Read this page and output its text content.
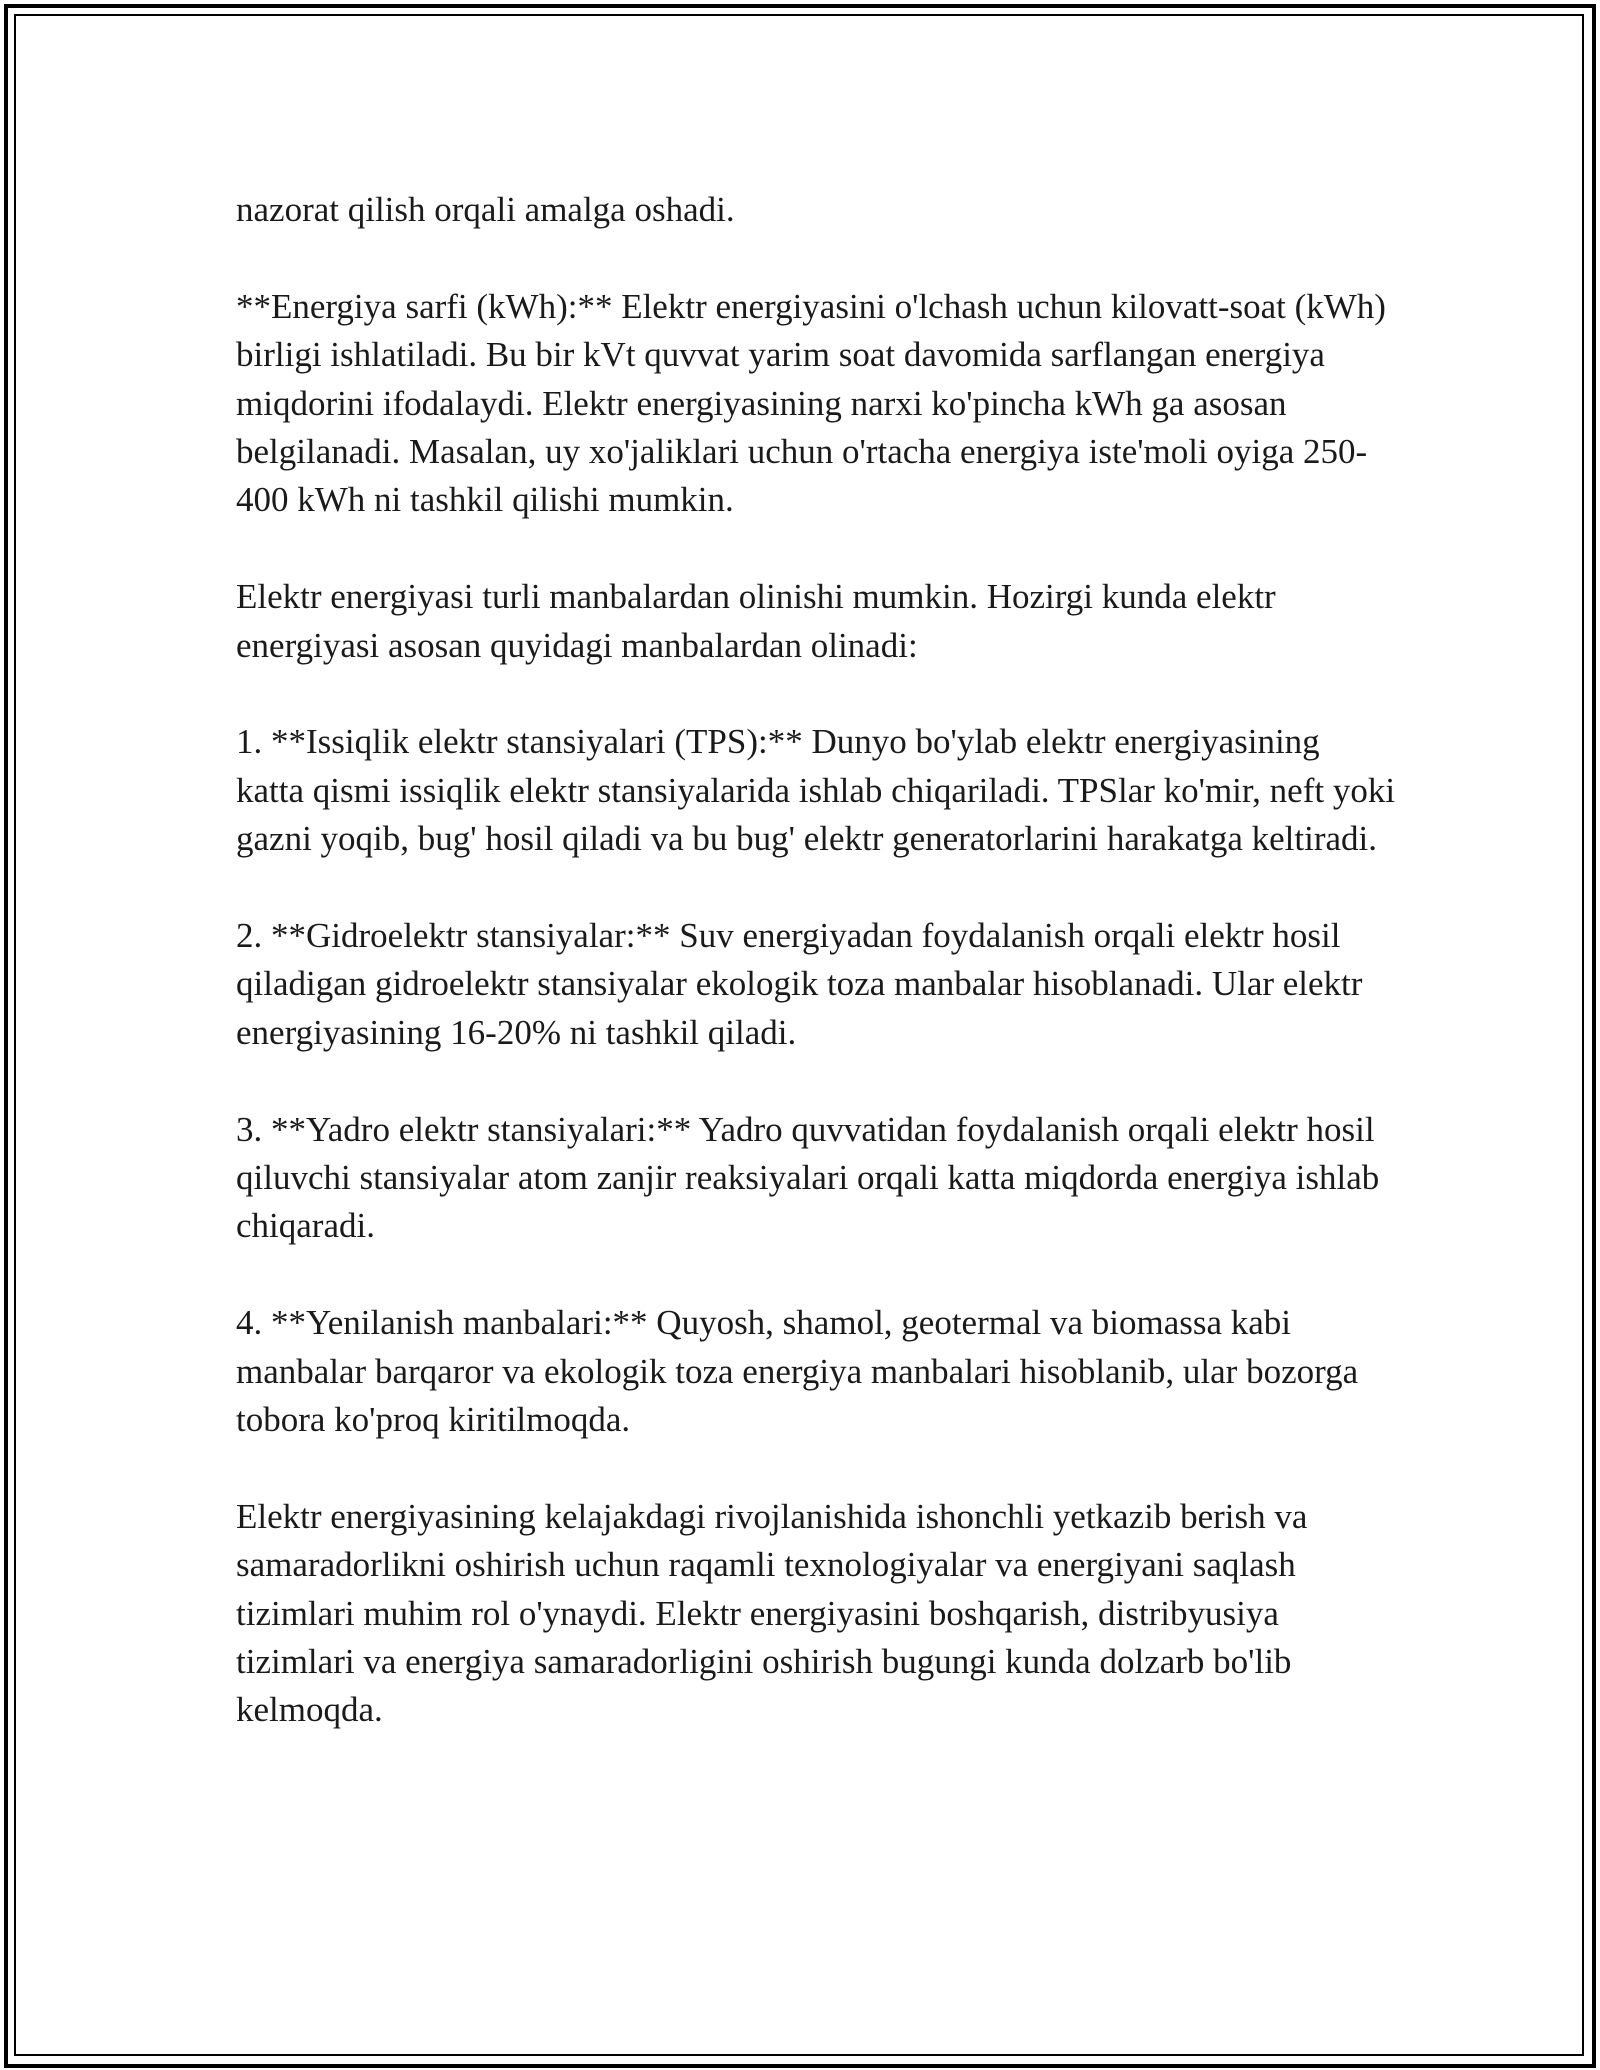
nazorat qilish orqali amalga oshadi.

**Energiya sarfi (kWh):** Elektr energiyasini o'lchash uchun kilovatt-soat (kWh) birligi ishlatiladi. Bu bir kVt quvvat yarim soat davomida sarflangan energiya miqdorini ifodalaydi. Elektr energiyasining narxi ko'pincha kWh ga asosan belgilanadi. Masalan, uy xo'jaliklari uchun o'rtacha energiya iste'moli oyiga 250-400 kWh ni tashkil qilishi mumkin.

Elektr energiyasi turli manbalardan olinishi mumkin. Hozirgi kunda elektr energiyasi asosan quyidagi manbalardan olinadi:

1. **Issiqlik elektr stansiyalari (TPS):** Dunyo bo'ylab elektr energiyasining katta qismi issiqlik elektr stansiyalarida ishlab chiqariladi. TPSlar ko'mir, neft yoki gazni yoqib, bug' hosil qiladi va bu bug' elektr generatorlarini harakatga keltiradi.

2. **Gidroelektr stansiyalar:** Suv energiyadan foydalanish orqali elektr hosil qiladigan gidroelektr stansiyalar ekologik toza manbalar hisoblanadi. Ular elektr energiyasining 16-20% ni tashkil qiladi.

3. **Yadro elektr stansiyalari:** Yadro quvvatidan foydalanish orqali elektr hosil qiluvchi stansiyalar atom zanjir reaksiyalari orqali katta miqdorda energiya ishlab chiqaradi.

4. **Yenilanish manbalari:** Quyosh, shamol, geotermal va biomassa kabi manbalar barqaror va ekologik toza energiya manbalari hisoblanib, ular bozorga tobora ko'proq kiritilmoqda.

Elektr energiyasining kelajakdagi rivojlanishida ishonchli yetkazib berish va samaradorlikni oshirish uchun raqamli texnologiyalar va energiyani saqlash tizimlari muhim rol o'ynaydi. Elektr energiyasini boshqarish, distribyusiya tizimlari va energiya samaradorligini oshirish bugungi kunda dolzarb bo'lib kelmoqda.
